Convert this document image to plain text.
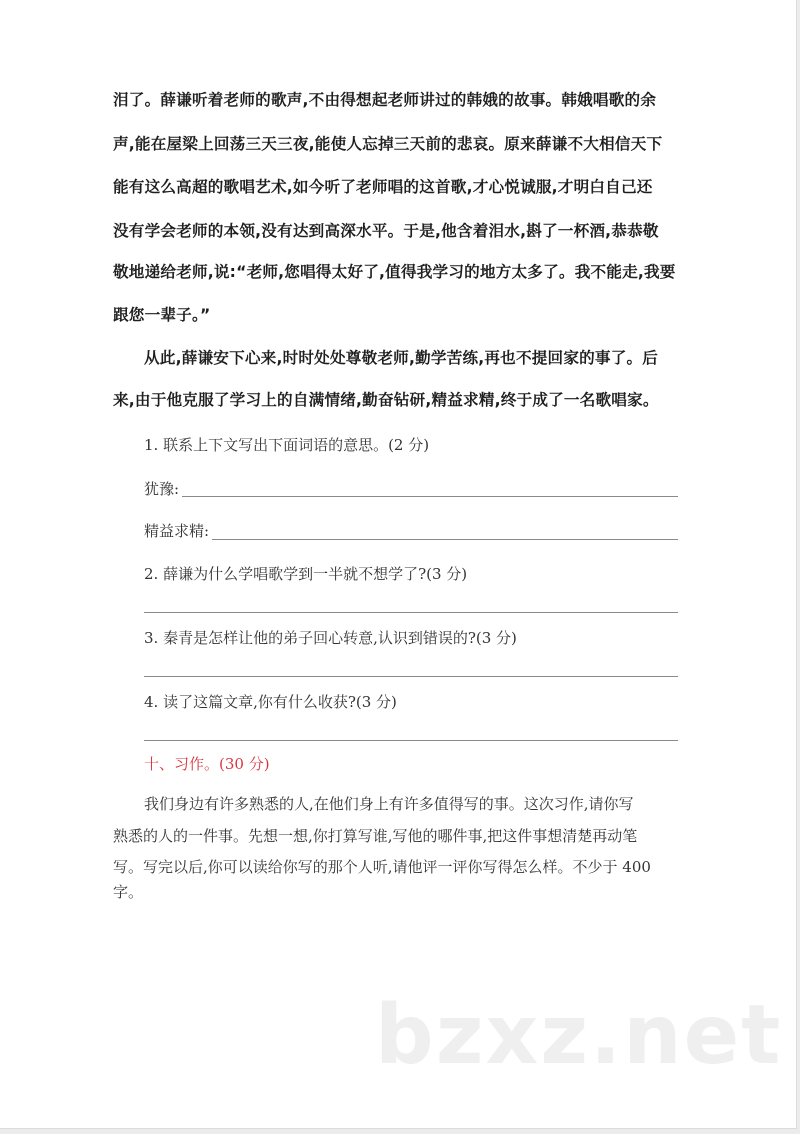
泪了。薛谦听着老师的歌声,不由得想起老师讲过的韩娥的故事。韩娥唱歌的余
声,能在屋梁上回荡三天三夜,能使人忘掉三天前的悲哀。原来薛谦不大相信天下
能有这么高超的歌唱艺术,如今听了老师唱的这首歌,才心悦诚服,才明白自己还
没有学会老师的本领,没有达到高深水平。于是,他含着泪水,斟了一杯酒,恭恭敬
敬地递给老师,说:“老师,您唱得太好了,值得我学习的地方太多了。我不能走,我要
跟您一辈子。”
从此,薛谦安下心来,时时处处尊敬老师,勤学苦练,再也不提回家的事了。后
来,由于他克服了学习上的自满情绪,勤奋钻研,精益求精,终于成了一名歌唱家。
1. 联系上下文写出下面词语的意思。(2 分)
犹豫:
精益求精:
2. 薛谦为什么学唱歌学到一半就不想学了?(3 分)
3. 秦青是怎样让他的弟子回心转意,认识到错误的?(3 分)
4. 读了这篇文章,你有什么收获?(3 分)
十、习作。(30 分)
我们身边有许多熟悉的人,在他们身上有许多值得写的事。这次习作,请你写
熟悉的人的一件事。先想一想,你打算写谁,写他的哪件事,把这件事想清楚再动笔
写。写完以后,你可以读给你写的那个人听,请他评一评你写得怎么样。不少于 400
字。
bzxz.net
